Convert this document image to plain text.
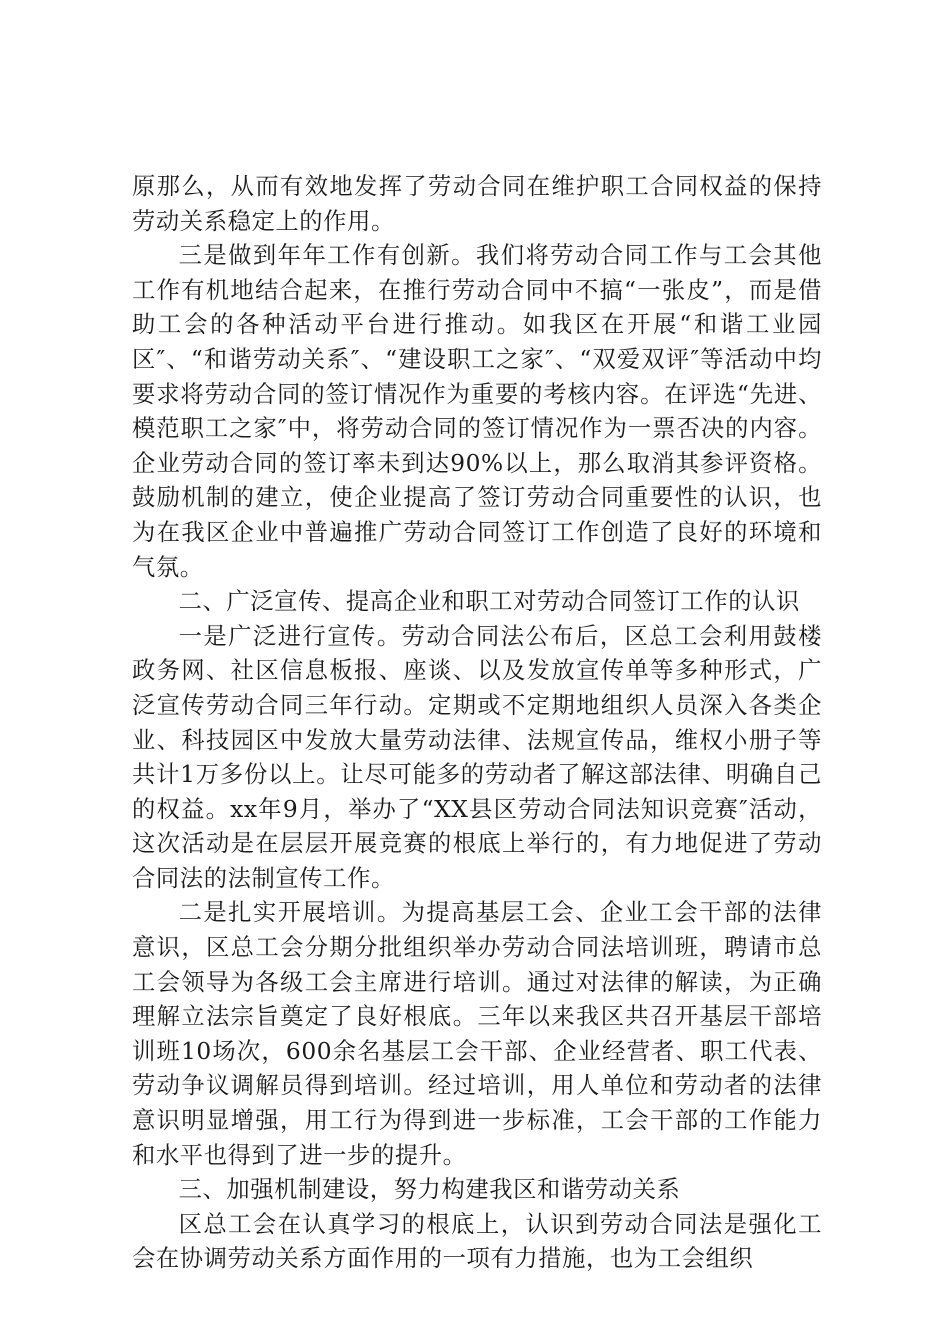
原那么，从而有效地发挥了劳动合同在维护职工合同权益的保持劳动关系稳定上的作用。

三是做到年年工作有创新。我们将劳动合同工作与工会其他工作有机地结合起来，在推行劳动合同中不搞“一张皮”，而是借助工会的各种活动平台进行推动。如我区在开展“和谐工业园区″、“和谐劳动关系″、“建设职工之家″、“双爱双评″等活动中均要求将劳动合同的签订情况作为重要的考核内容。在评选“先进、模范职工之家″中，将劳动合同的签订情况作为一票否决的内容。企业劳动合同的签订率未到达90%以上，那么取消其参评资格。鼓励机制的建立，使企业提高了签订劳动合同重要性的认识，也为在我区企业中普遍推广劳动合同签订工作创造了良好的环境和气氛。

二、广泛宣传、提高企业和职工对劳动合同签订工作的认识

一是广泛进行宣传。劳动合同法公布后，区总工会利用鼓楼政务网、社区信息板报、座谈、以及发放宣传单等多种形式，广泛宣传劳动合同三年行动。定期或不定期地组织人员深入各类企业、科技园区中发放大量劳动法律、法规宣传品，维权小册子等共计1万多份以上。让尽可能多的劳动者了解这部法律、明确自己的权益。xx年9月，举办了“XX县区劳动合同法知识竞赛″活动，这次活动是在层层开展竞赛的根底上举行的，有力地促进了劳动合同法的法制宣传工作。

二是扎实开展培训。为提高基层工会、企业工会干部的法律意识，区总工会分期分批组织举办劳动合同法培训班，聘请市总工会领导为各级工会主席进行培训。通过对法律的解读，为正确理解立法宗旨奠定了良好根底。三年以来我区共召开基层干部培训班10场次，600余名基层工会干部、企业经营者、职工代表、劳动争议调解员得到培训。经过培训，用人单位和劳动者的法律意识明显增强，用工行为得到进一步标准，工会干部的工作能力和水平也得到了进一步的提升。

三、加强机制建设，努力构建我区和谐劳动关系

区总工会在认真学习的根底上，认识到劳动合同法是强化工会在协调劳动关系方面作用的一项有力措施，也为工会组织
